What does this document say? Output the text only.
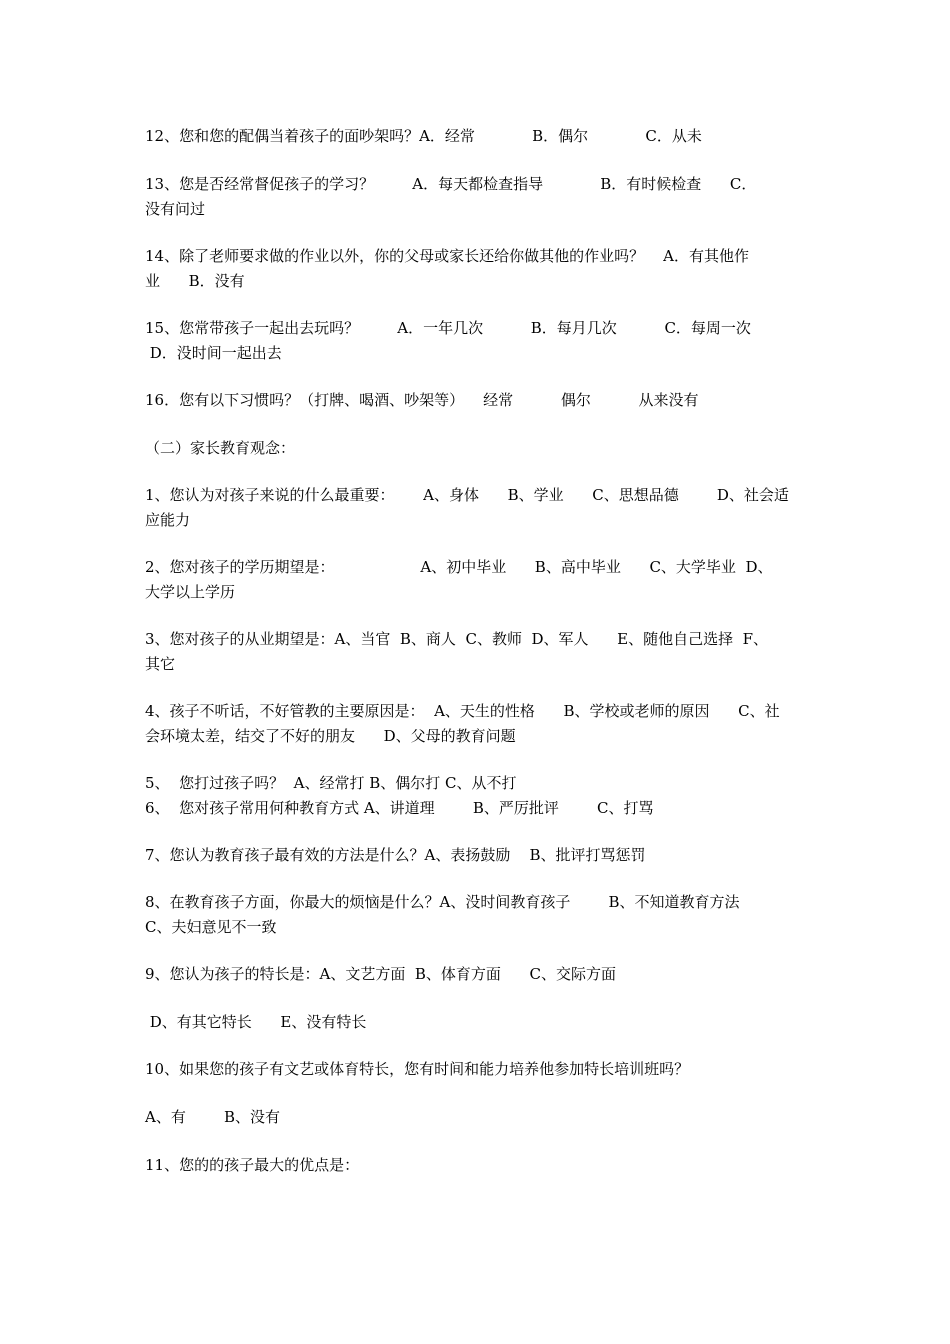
12、您和您的配偶当着孩子的面吵架吗？A．经常            B．偶尔            C．从未
13、您是否经常督促孩子的学习？        A．每天都检查指导            B．有时候检查      C．
没有问过
14、除了老师要求做的作业以外，你的父母或家长还给你做其他的作业吗？    A．有其他作
业      B．没有
15、您常带孩子一起出去玩吗？        A．一年几次          B．每月几次          C．每周一次
D．没时间一起出去
16．您有以下习惯吗？（打牌、喝酒、吵架等）    经常          偶尔          从来没有
（二）家长教育观念：
1、您认为对孩子来说的什么最重要：      A、身体      B、学业      C、思想品德        D、社会适
应能力
2、您对孩子的学历期望是：                  A、初中毕业      B、高中毕业      C、大学毕业  D、
大学以上学历
3、您对孩子的从业期望是：A、当官  B、商人  C、教师  D、军人      E、随他自己选择  F、
其它
4、孩子不听话，不好管教的主要原因是：  A、天生的性格      B、学校或老师的原因      C、社
会环境太差，结交了不好的朋友      D、父母的教育问题
5、  您打过孩子吗？  A、经常打 B、偶尔打 C、从不打
6、  您对孩子常用何种教育方式 A、讲道理        B、严厉批评        C、打骂
7、您认为教育孩子最有效的方法是什么？A、表扬鼓励    B、批评打骂惩罚
8、在教育孩子方面，你最大的烦恼是什么？A、没时间教育孩子        B、不知道教育方法
C、夫妇意见不一致
9、您认为孩子的特长是：A、文艺方面  B、体育方面      C、交际方面
D、有其它特长      E、没有特长
10、如果您的孩子有文艺或体育特长，您有时间和能力培养他参加特长培训班吗？
A、有        B、没有
11、您的的孩子最大的优点是：
